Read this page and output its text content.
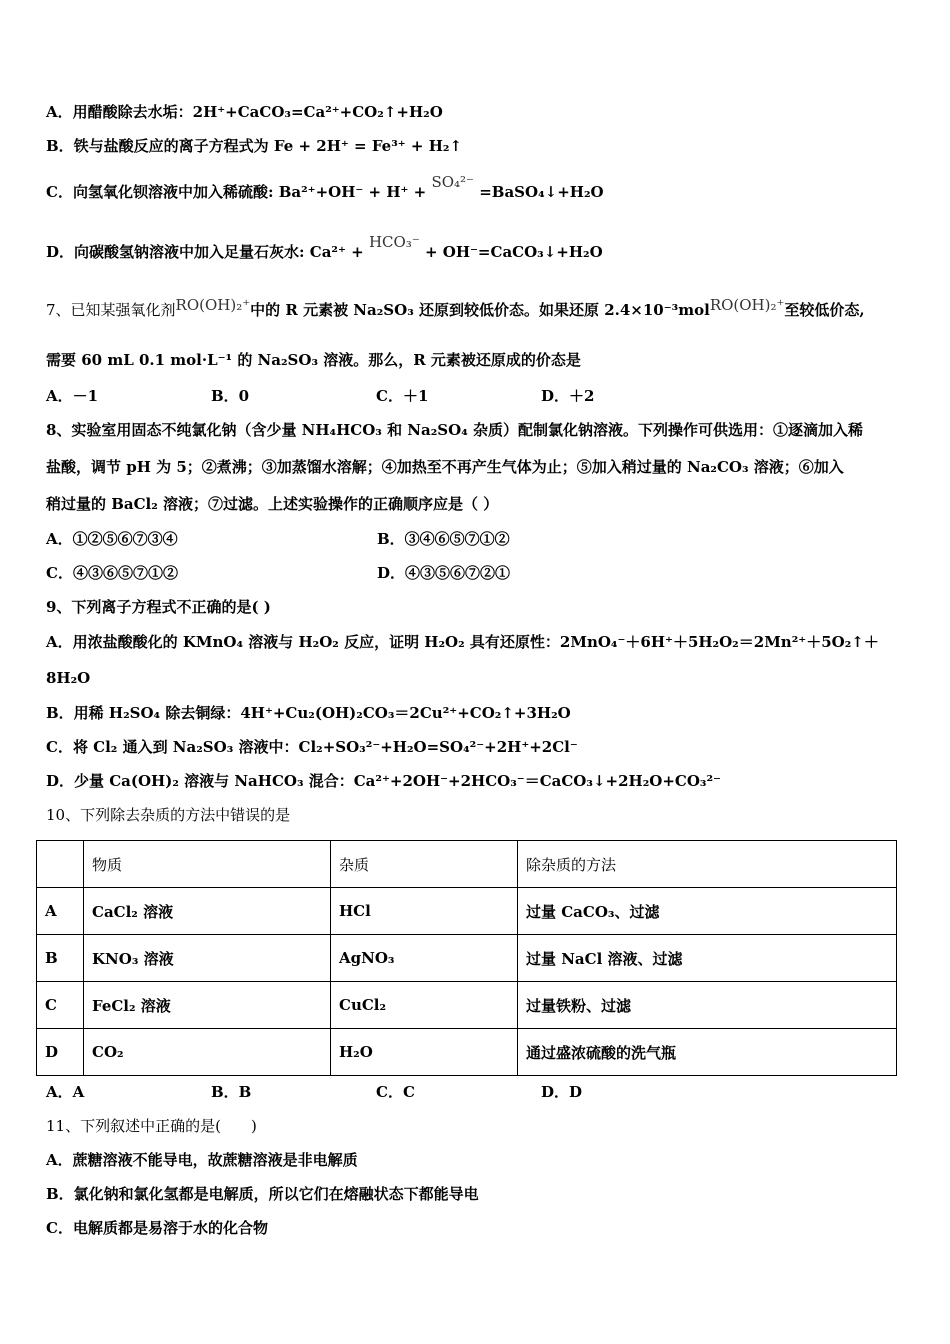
A．用醋酸除去水垢：2H⁺+CaCO₃=Ca²⁺+CO₂↑+H₂O
B．铁与盐酸反应的离子方程式为 Fe + 2H⁺ = Fe³⁺ + H₂↑
C．向氢氧化钡溶液中加入稀硫酸: Ba²⁺+OH⁻ + H⁺ + SO₄²⁻ =BaSO₄↓+H₂O
D．向碳酸氢钠溶液中加入足量石灰水: Ca²⁺ + HCO₃⁻ + OH⁻=CaCO₃↓+H₂O
7、已知某强氧化剂RO(OH)₂⁺中的 R 元素被 Na₂SO₃ 还原到较低价态。如果还原 2.4×10⁻³molRO(OH)₂⁺至较低价态,
需要 60 mL 0.1 mol·L⁻¹ 的 Na₂SO₃ 溶液。那么，R 元素被还原成的价态是
A．－1	B．0	C．＋1	D．＋2
8、实验室用固态不纯氯化钠（含少量 NH₄HCO₃ 和 Na₂SO₄ 杂质）配制氯化钠溶液。下列操作可供选用：①逐滴加入稀
盐酸，调节 pH 为 5；②煮沸；③加蒸馏水溶解；④加热至不再产生气体为止；⑤加入稍过量的 Na₂CO₃ 溶液；⑥加入
稍过量的 BaCl₂ 溶液；⑦过滤。上述实验操作的正确顺序应是（ ）
A．①②⑤⑥⑦③④	B．③④⑥⑤⑦①②
C．④③⑥⑤⑦①②	D．④③⑤⑥⑦②①
9、下列离子方程式不正确的是( )
A．用浓盐酸酸化的 KMnO₄ 溶液与 H₂O₂ 反应，证明 H₂O₂ 具有还原性：2MnO₄⁻＋6H⁺＋5H₂O₂＝2Mn²⁺＋5O₂↑＋
8H₂O
B．用稀 H₂SO₄ 除去铜绿：4H⁺+Cu₂(OH)₂CO₃＝2Cu²⁺+CO₂↑+3H₂O
C．将 Cl₂ 通入到 Na₂SO₃ 溶液中：Cl₂+SO₃²⁻+H₂O=SO₄²⁻+2H⁺+2Cl⁻
D．少量 Ca(OH)₂ 溶液与 NaHCO₃ 混合：Ca²⁺+2OH⁻+2HCO₃⁻＝CaCO₃↓+2H₂O+CO₃²⁻
10、下列除去杂质的方法中错误的是
	物质	杂质	除杂质的方法
A	CaCl₂ 溶液	HCl	过量 CaCO₃、过滤
B	KNO₃ 溶液	AgNO₃	过量 NaCl 溶液、过滤
C	FeCl₂ 溶液	CuCl₂	过量铁粉、过滤
D	CO₂	H₂O	通过盛浓硫酸的洗气瓶
A．A	B．B	C．C	D．D
11、下列叙述中正确的是(　　)
A．蔗糖溶液不能导电，故蔗糖溶液是非电解质
B．氯化钠和氯化氢都是电解质，所以它们在熔融状态下都能导电
C．电解质都是易溶于水的化合物
